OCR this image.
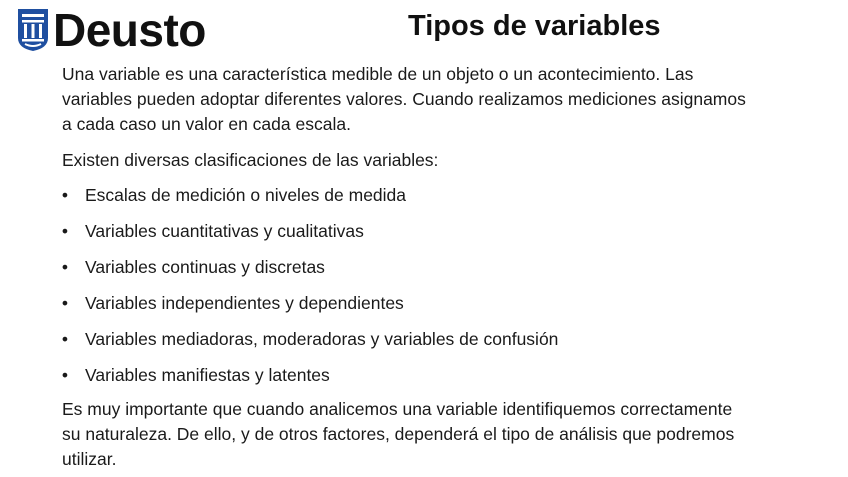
Deusto	Tipos de variables

Una variable es una característica medible de un objeto o un acontecimiento. Las variables pueden adoptar diferentes valores. Cuando realizamos mediciones asignamos a cada caso un valor en cada escala.

Existen diversas clasificaciones de las variables:

• Escalas de medición o niveles de medida
• Variables cuantitativas y cualitativas
• Variables continuas y discretas
• Variables independientes y dependientes
• Variables mediadoras, moderadoras y variables de confusión
• Variables manifiestas y latentes

Es muy importante que cuando analicemos una variable identifiquemos correctamente su naturaleza. De ello, y de otros factores, dependerá el tipo de análisis que podremos utilizar.
